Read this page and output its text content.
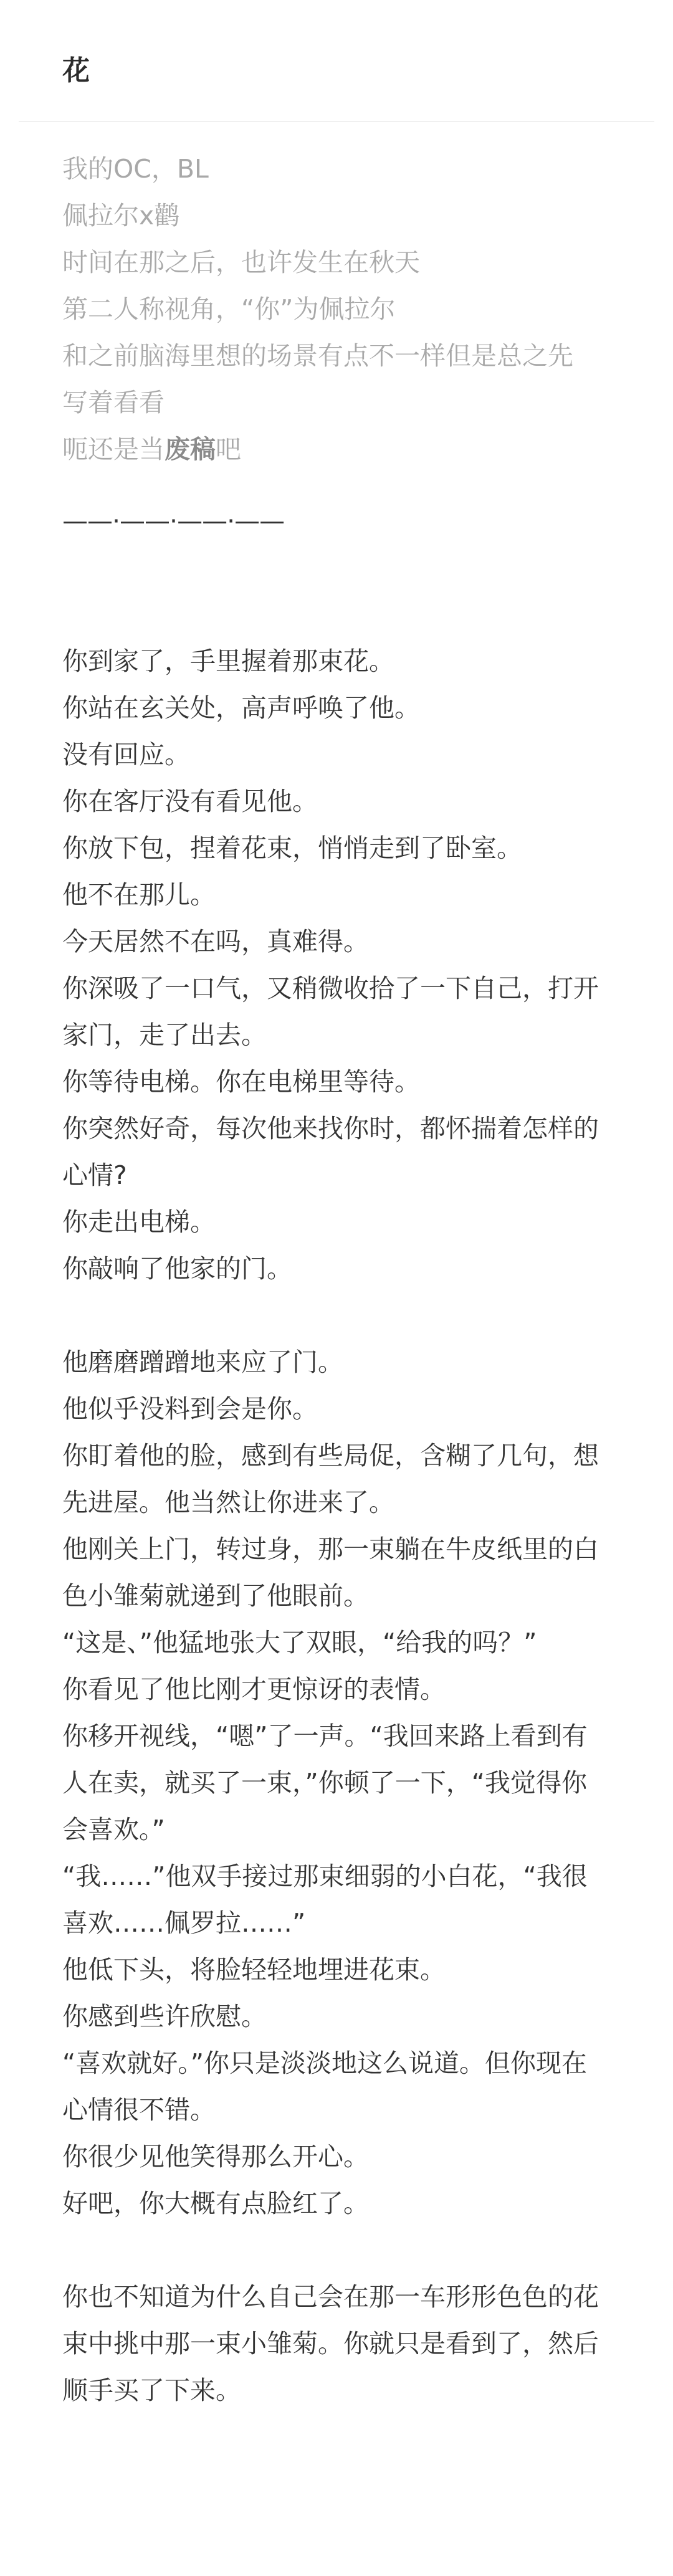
花
我的OC，BL
佩拉尔x鹳
时间在那之后，也许发生在秋天
第二人称视角，“你”为佩拉尔
和之前脑海里想的场景有点不一样但是总之先
写着看看
呃还是当废稿吧
——·——·——·——
你到家了，手里握着那束花。
你站在玄关处，高声呼唤了他。
没有回应。
你在客厅没有看见他。
你放下包，捏着花束，悄悄走到了卧室。
他不在那儿。
今天居然不在吗，真难得。
你深吸了一口气，又稍微收拾了一下自己，打开家门，走了出去。
你等待电梯。你在电梯里等待。
你突然好奇，每次他来找你时，都怀揣着怎样的心情?
你走出电梯。
你敲响了他家的门。
他磨磨蹭蹭地来应了门。
他似乎没料到会是你。
你盯着他的脸，感到有些局促，含糊了几句，想先进屋。他当然让你进来了。
他刚关上门，转过身，那一束躺在牛皮纸里的白色小雏菊就递到了他眼前。
“这是、”他猛地张大了双眼，“给我的吗？”
你看见了他比刚才更惊讶的表情。
你移开视线，“嗯”了一声。“我回来路上看到有人在卖，就买了一束，”你顿了一下，“我觉得你会喜欢。”
“我……”他双手接过那束细弱的小白花，“我很喜欢……佩罗拉……”
他低下头，将脸轻轻地埋进花束。
你感到些许欣慰。
“喜欢就好。”你只是淡淡地这么说道。但你现在心情很不错。
你很少见他笑得那么开心。
好吧，你大概有点脸红了。
你也不知道为什么自己会在那一车形形色色的花束中挑中那一束小雏菊。你就只是看到了，然后顺手买了下来。
